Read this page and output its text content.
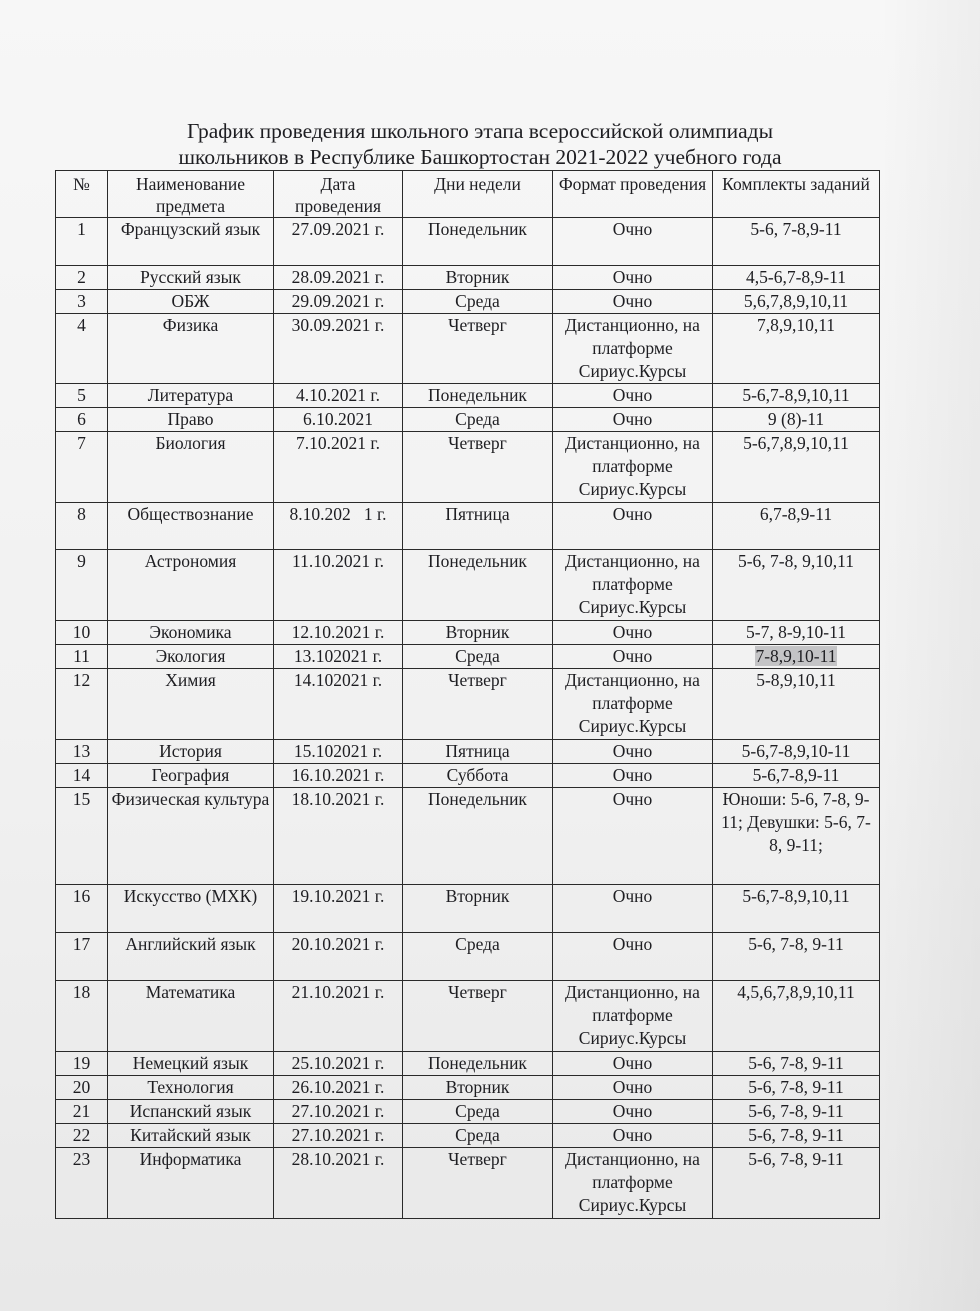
График проведения школьного этапа всероссийской олимпиады
школьников в Республике Башкортостан 2021-2022 учебного года
№	Наименование предмета	Дата проведения	Дни недели	Формат проведения	Комплекты заданий
1	Французский язык	27.09.2021 г.	Понедельник	Очно	5-6, 7-8,9-11
2	Русский язык	28.09.2021 г.	Вторник	Очно	4,5-6,7-8,9-11
3	ОБЖ	29.09.2021 г.	Среда	Очно	5,6,7,8,9,10,11
4	Физика	30.09.2021 г.	Четверг	Дистанционно, на платформе Сириус.Курсы	7,8,9,10,11
5	Литература	4.10.2021 г.	Понедельник	Очно	5-6,7-8,9,10,11
6	Право	6.10.2021	Среда	Очно	9 (8)-11
7	Биология	7.10.2021 г.	Четверг	Дистанционно, на платформе Сириус.Курсы	5-6,7,8,9,10,11
8	Обществознание	8.10.202   1 г.	Пятница	Очно	6,7-8,9-11
9	Астрономия	11.10.2021 г.	Понедельник	Дистанционно, на платформе Сириус.Курсы	5-6, 7-8, 9,10,11
10	Экономика	12.10.2021 г.	Вторник	Очно	5-7, 8-9,10-11
11	Экология	13.102021 г.	Среда	Очно	7-8,9,10-11
12	Химия	14.102021 г.	Четверг	Дистанционно, на платформе Сириус.Курсы	5-8,9,10,11
13	История	15.102021 г.	Пятница	Очно	5-6,7-8,9,10-11
14	География	16.10.2021 г.	Суббота	Очно	5-6,7-8,9-11
15	Физическая культура	18.10.2021 г.	Понедельник	Очно	Юноши: 5-6, 7-8, 9-11; Девушки: 5-6, 7-8, 9-11;
16	Искусство (МХК)	19.10.2021 г.	Вторник	Очно	5-6,7-8,9,10,11
17	Английский язык	20.10.2021 г.	Среда	Очно	5-6, 7-8, 9-11
18	Математика	21.10.2021 г.	Четверг	Дистанционно, на платформе Сириус.Курсы	4,5,6,7,8,9,10,11
19	Немецкий язык	25.10.2021 г.	Понедельник	Очно	5-6, 7-8, 9-11
20	Технология	26.10.2021 г.	Вторник	Очно	5-6, 7-8, 9-11
21	Испанский язык	27.10.2021 г.	Среда	Очно	5-6, 7-8, 9-11
22	Китайский язык	27.10.2021 г.	Среда	Очно	5-6, 7-8, 9-11
23	Информатика	28.10.2021 г.	Четверг	Дистанционно, на платформе Сириус.Курсы	5-6, 7-8, 9-11
